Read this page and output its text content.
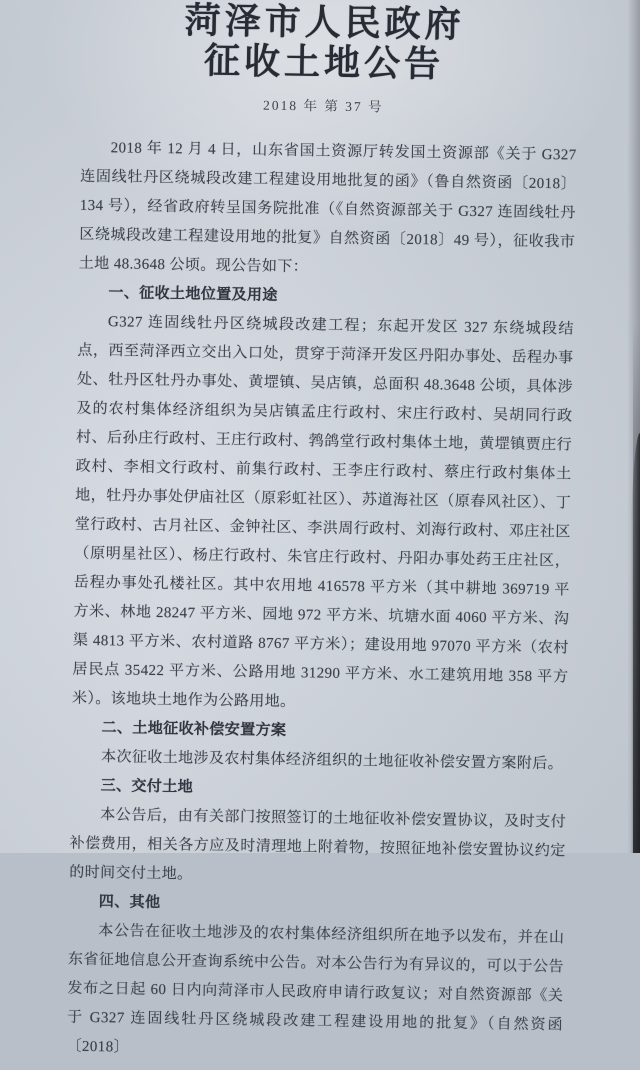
菏泽市人民政府
征收土地公告
2018 年 第 37 号

2018 年 12 月 4 日，山东省国土资源厅转发国土资源部《关于 G327 连固线牡丹区绕城段改建工程建设用地批复的函》（鲁自然资函〔2018〕134 号），经省政府转呈国务院批准（《自然资源部关于 G327 连固线牡丹区绕城段改建工程建设用地的批复》自然资函〔2018〕49 号），征收我市土地 48.3648 公顷。现公告如下：

一、征收土地位置及用途

G327 连固线牡丹区绕城段改建工程；东起开发区 327 东绕城段结点，西至菏泽西立交出入口处，贯穿于菏泽开发区丹阳办事处、岳程办事处、牡丹区牡丹办事处、黄堽镇、吴店镇，总面积 48.3648 公顷，具体涉及的农村集体经济组织为吴店镇孟庄行政村、宋庄行政村、吴胡同行政村、后孙庄行政村、王庄行政村、鹁鸽堂行政村集体土地，黄堽镇贾庄行政村、李相文行政村、前集行政村、王李庄行政村、蔡庄行政村集体土地，牡丹办事处伊庙社区（原彩虹社区）、苏道海社区（原春风社区）、丁堂行政村、古月社区、金钟社区、李洪周行政村、刘海行政村、邓庄社区（原明星社区）、杨庄行政村、朱官庄行政村、丹阳办事处药王庄社区，岳程办事处孔楼社区。其中农用地 416578 平方米（其中耕地 369719 平方米、林地 28247 平方米、园地 972 平方米、坑塘水面 4060 平方米、沟渠 4813 平方米、农村道路 8767 平方米）；建设用地 97070 平方米（农村居民点 35422 平方米、公路用地 31290 平方米、水工建筑用地 358 平方米）。该地块土地作为公路用地。

二、土地征收补偿安置方案

本次征收土地涉及农村集体经济组织的土地征收补偿安置方案附后。

三、交付土地

本公告后，由有关部门按照签订的土地征收补偿安置协议，及时支付补偿费用，相关各方应及时清理地上附着物，按照征地补偿安置协议约定的时间交付土地。

四、其他

本公告在征收土地涉及的农村集体经济组织所在地予以发布，并在山东省征地信息公开查询系统中公告。对本公告行为有异议的，可以于公告发布之日起 60 日内向菏泽市人民政府申请行政复议；对自然资源部《关于 G327 连固线牡丹区绕城段改建工程建设用地的批复》（自然资函〔2018〕
